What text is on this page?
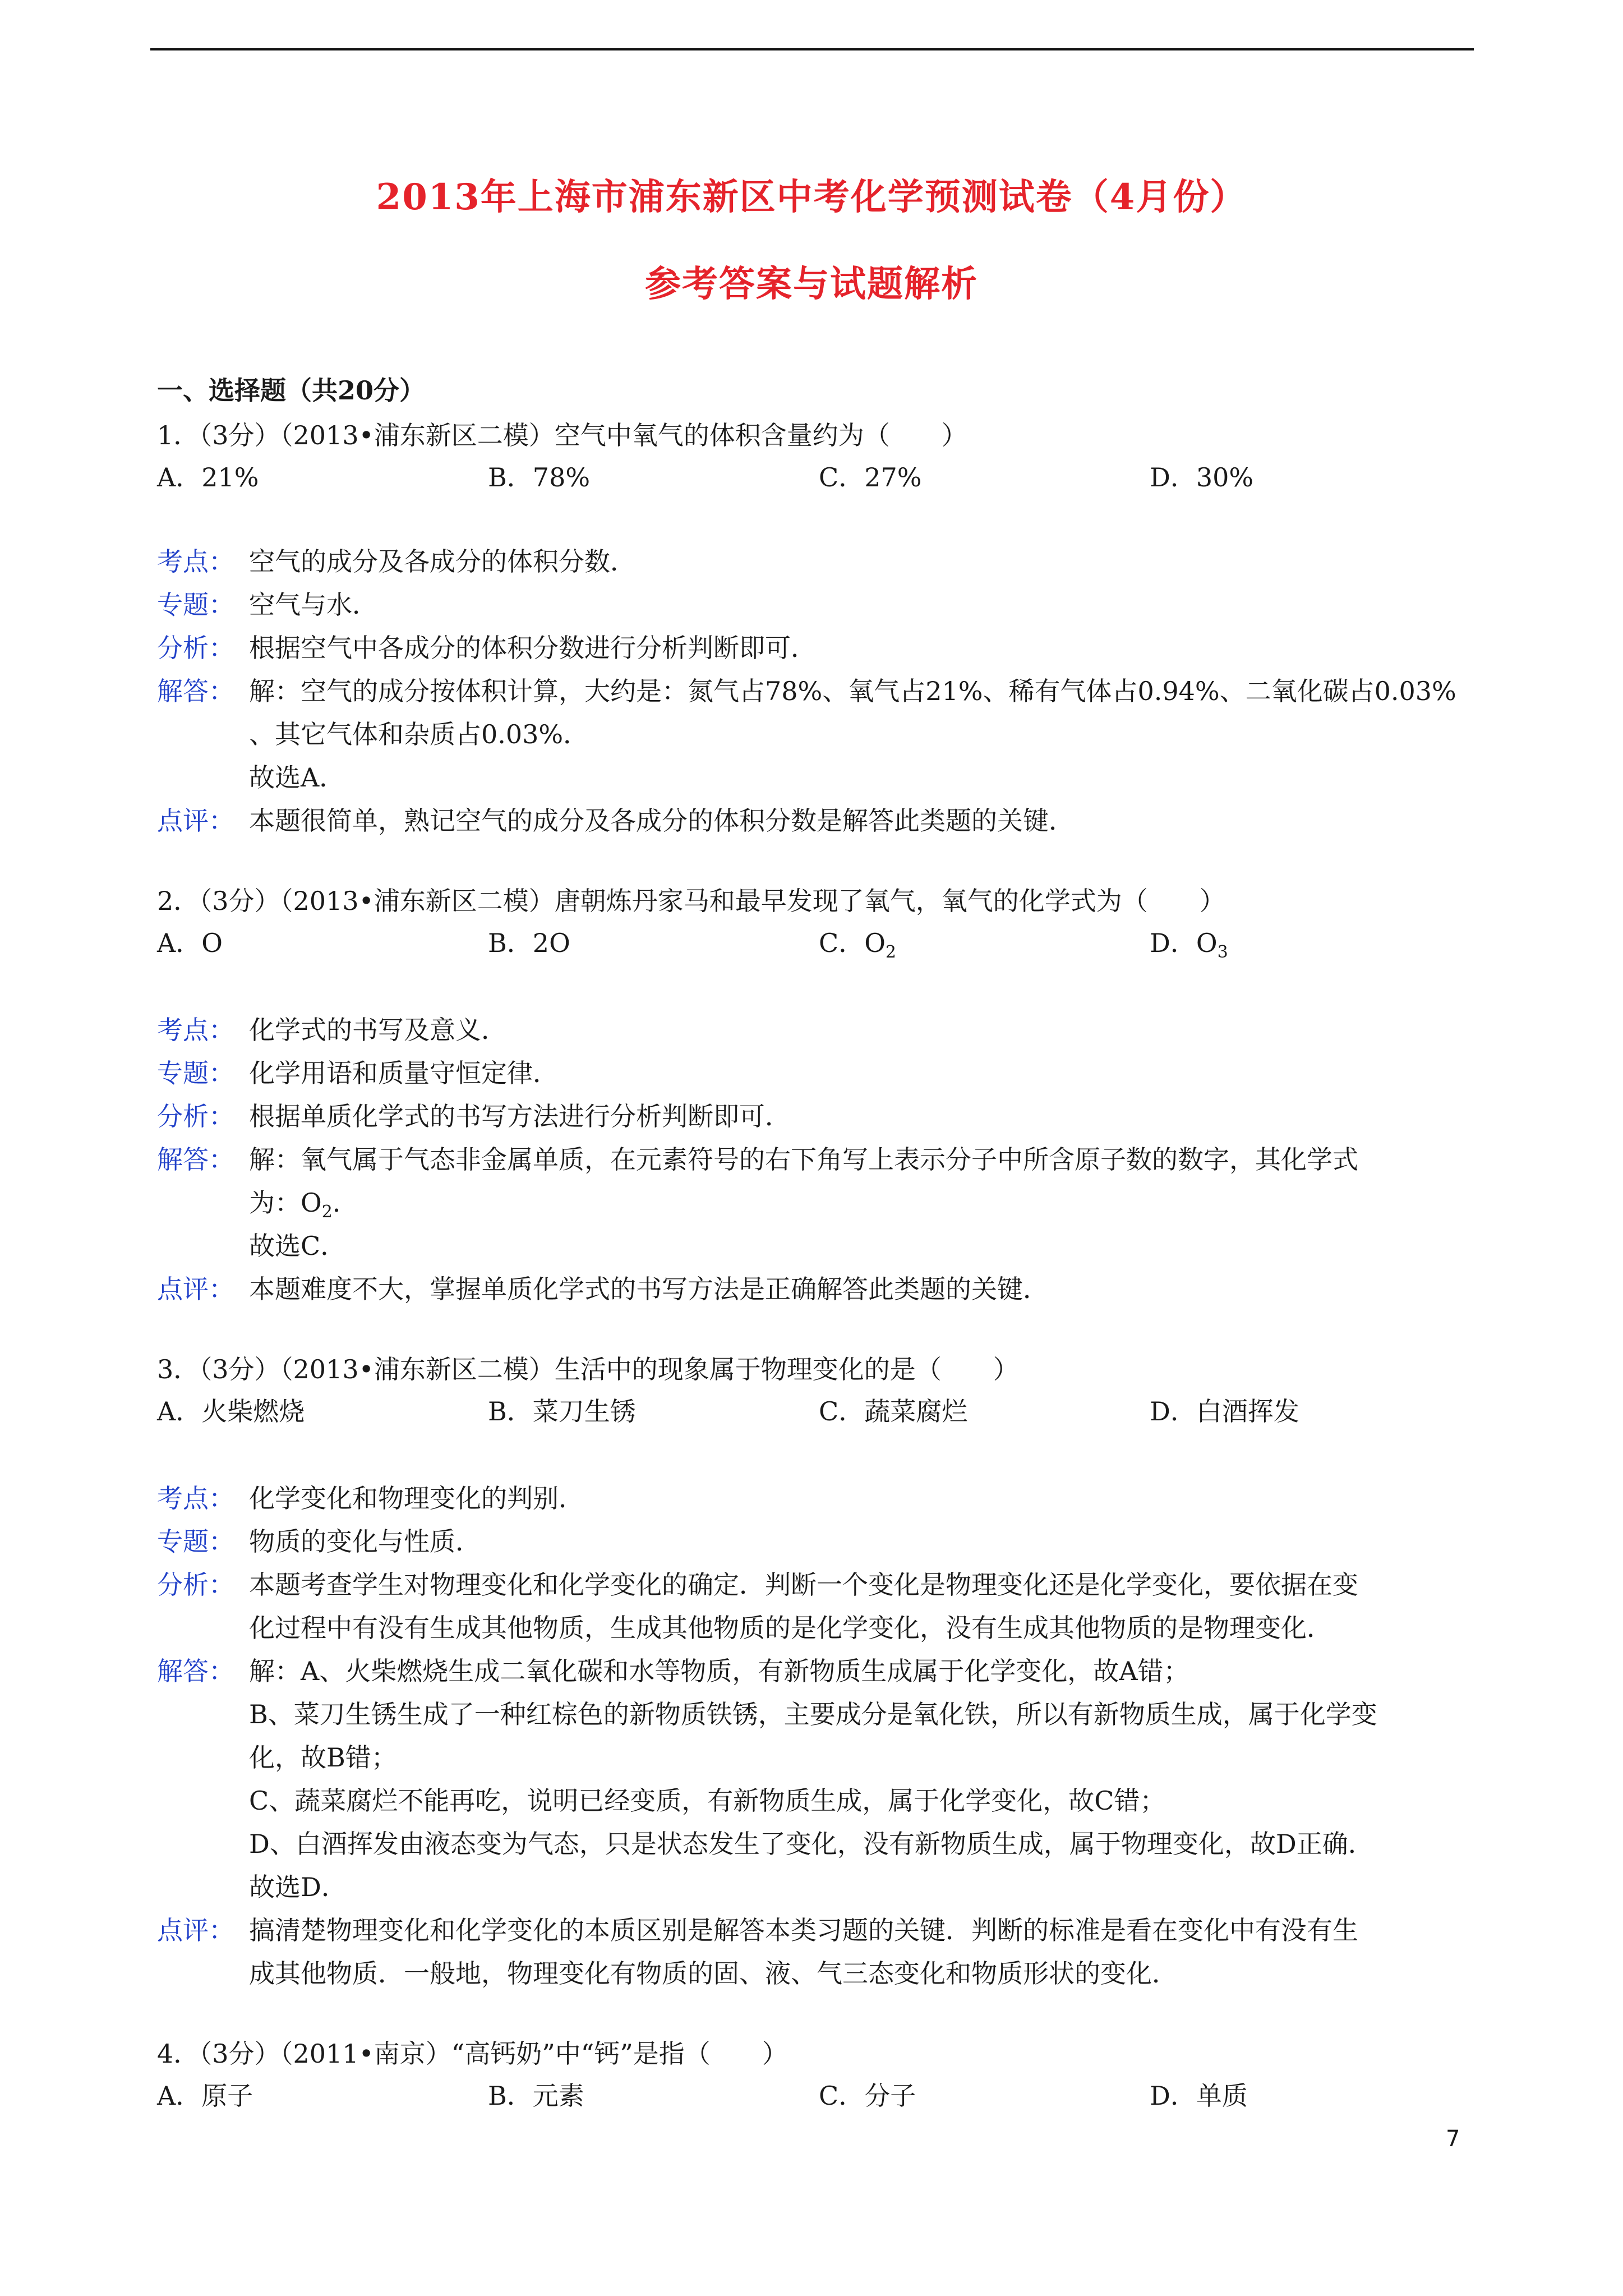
2013年上海市浦东新区中考化学预测试卷（4月份）
参考答案与试题解析
一、选择题（共20分）
1．（3分）（2013•浦东新区二模）空气中氧气的体积含量约为（　　）
A．21%	B．78%	C．27%	D．30%
考点： 空气的成分及各成分的体积分数．
专题： 空气与水．
分析： 根据空气中各成分的体积分数进行分析判断即可．
解答： 解：空气的成分按体积计算，大约是：氮气占78%、氧气占21%、稀有气体占0.94%、二氧化碳占0.03%
、其它气体和杂质占0.03%．
故选A．
点评： 本题很简单，熟记空气的成分及各成分的体积分数是解答此类题的关键．
2．（3分）（2013•浦东新区二模）唐朝炼丹家马和最早发现了氧气，氧气的化学式为（　　）
A．O	B．2O	C．$O_2$	D．$O_3$
考点： 化学式的书写及意义．
专题： 化学用语和质量守恒定律．
分析： 根据单质化学式的书写方法进行分析判断即可．
解答： 解：氧气属于气态非金属单质，在元素符号的右下角写上表示分子中所含原子数的数字，其化学式
为：$O_2$．
故选C．
点评： 本题难度不大，掌握单质化学式的书写方法是正确解答此类题的关键．
3．（3分）（2013•浦东新区二模）生活中的现象属于物理变化的是（　　）
A．火柴燃烧	B．菜刀生锈	C．蔬菜腐烂	D．白酒挥发
考点： 化学变化和物理变化的判别．
专题： 物质的变化与性质．
分析： 本题考查学生对物理变化和化学变化的确定．判断一个变化是物理变化还是化学变化，要依据在变
化过程中有没有生成其他物质，生成其他物质的是化学变化，没有生成其他物质的是物理变化．
解答： 解：A、火柴燃烧生成二氧化碳和水等物质，有新物质生成属于化学变化，故A错；
B、菜刀生锈生成了一种红棕色的新物质铁锈，主要成分是氧化铁，所以有新物质生成，属于化学变
化，故B错；
C、蔬菜腐烂不能再吃，说明已经变质，有新物质生成，属于化学变化，故C错；
D、白酒挥发由液态变为气态，只是状态发生了变化，没有新物质生成，属于物理变化，故D正确．
故选D．
点评： 搞清楚物理变化和化学变化的本质区别是解答本类习题的关键．判断的标准是看在变化中有没有生
成其他物质．一般地，物理变化有物质的固、液、气三态变化和物质形状的变化．
4．（3分）（2011•南京）“高钙奶”中“钙”是指（　　）
A．原子	B．元素	C．分子	D．单质
7
